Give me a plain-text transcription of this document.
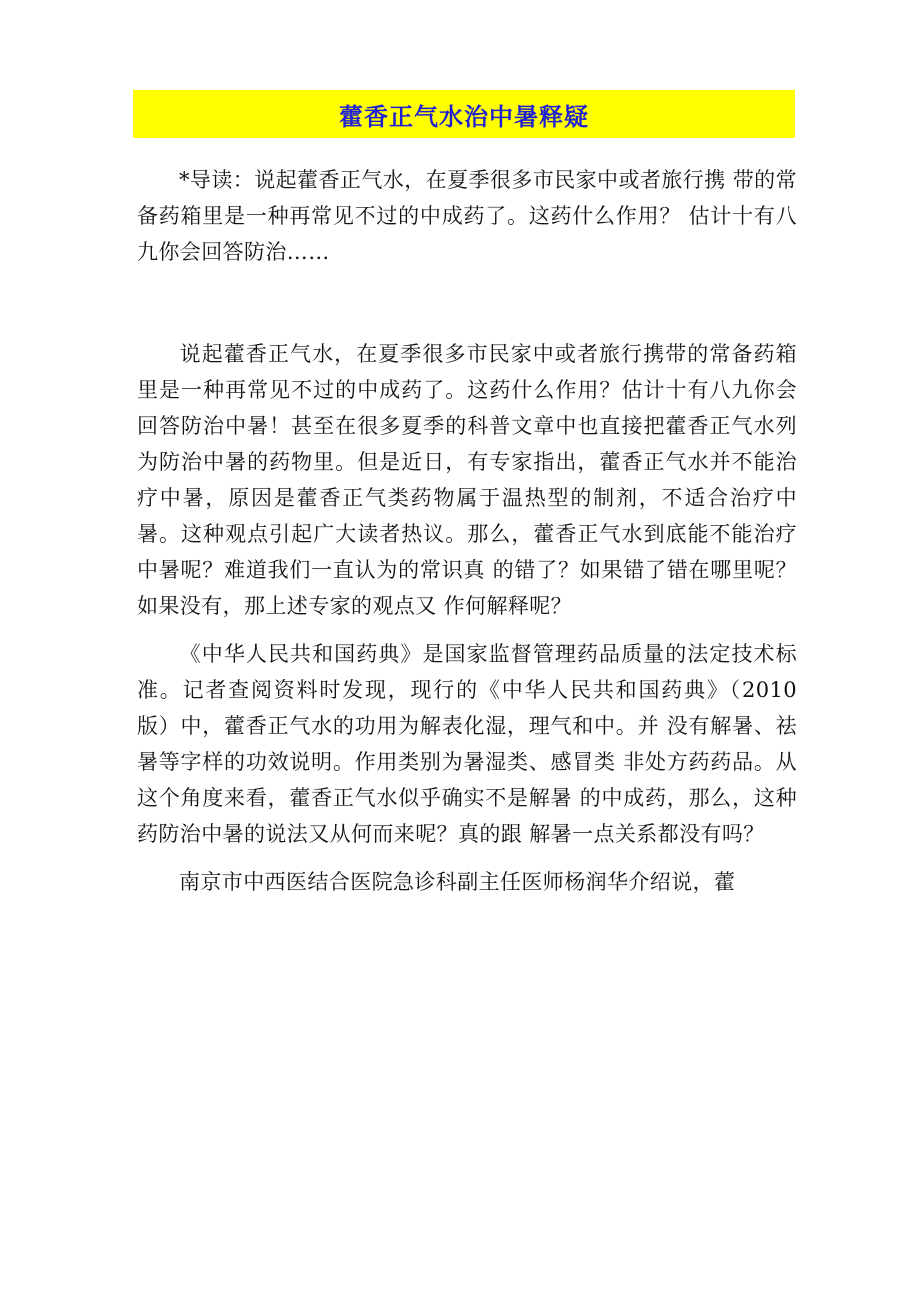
藿香正气水治中暑释疑

*导读：说起藿香正气水，在夏季很多市民家中或者旅行携 带的常备药箱里是一种再常见不过的中成药了。这药什么作用？ 估计十有八九你会回答防治……

说起藿香正气水，在夏季很多市民家中或者旅行携带的常备药箱里是一种再常见不过的中成药了。这药什么作用？估计十有八九你会回答防治中暑！甚至在很多夏季的科普文章中也直接把藿香正气水列为防治中暑的药物里。但是近日，有专家指出，藿香正气水并不能治疗中暑，原因是藿香正气类药物属于温热型的制剂，不适合治疗中暑。这种观点引起广大读者热议。那么，藿香正气水到底能不能治疗中暑呢？难道我们一直认为的常识真 的错了？如果错了错在哪里呢？如果没有，那上述专家的观点又 作何解释呢？

《中华人民共和国药典》是国家监督管理药品质量的法定技术标准。记者查阅资料时发现，现行的《中华人民共和国药典》（2010 版）中，藿香正气水的功用为解表化湿，理气和中。并 没有解暑、祛暑等字样的功效说明。作用类别为暑湿类、感冒类 非处方药药品。从这个角度来看，藿香正气水似乎确实不是解暑 的中成药，那么，这种药防治中暑的说法又从何而来呢？真的跟 解暑一点关系都没有吗？

南京市中西医结合医院急诊科副主任医师杨润华介绍说，藿
